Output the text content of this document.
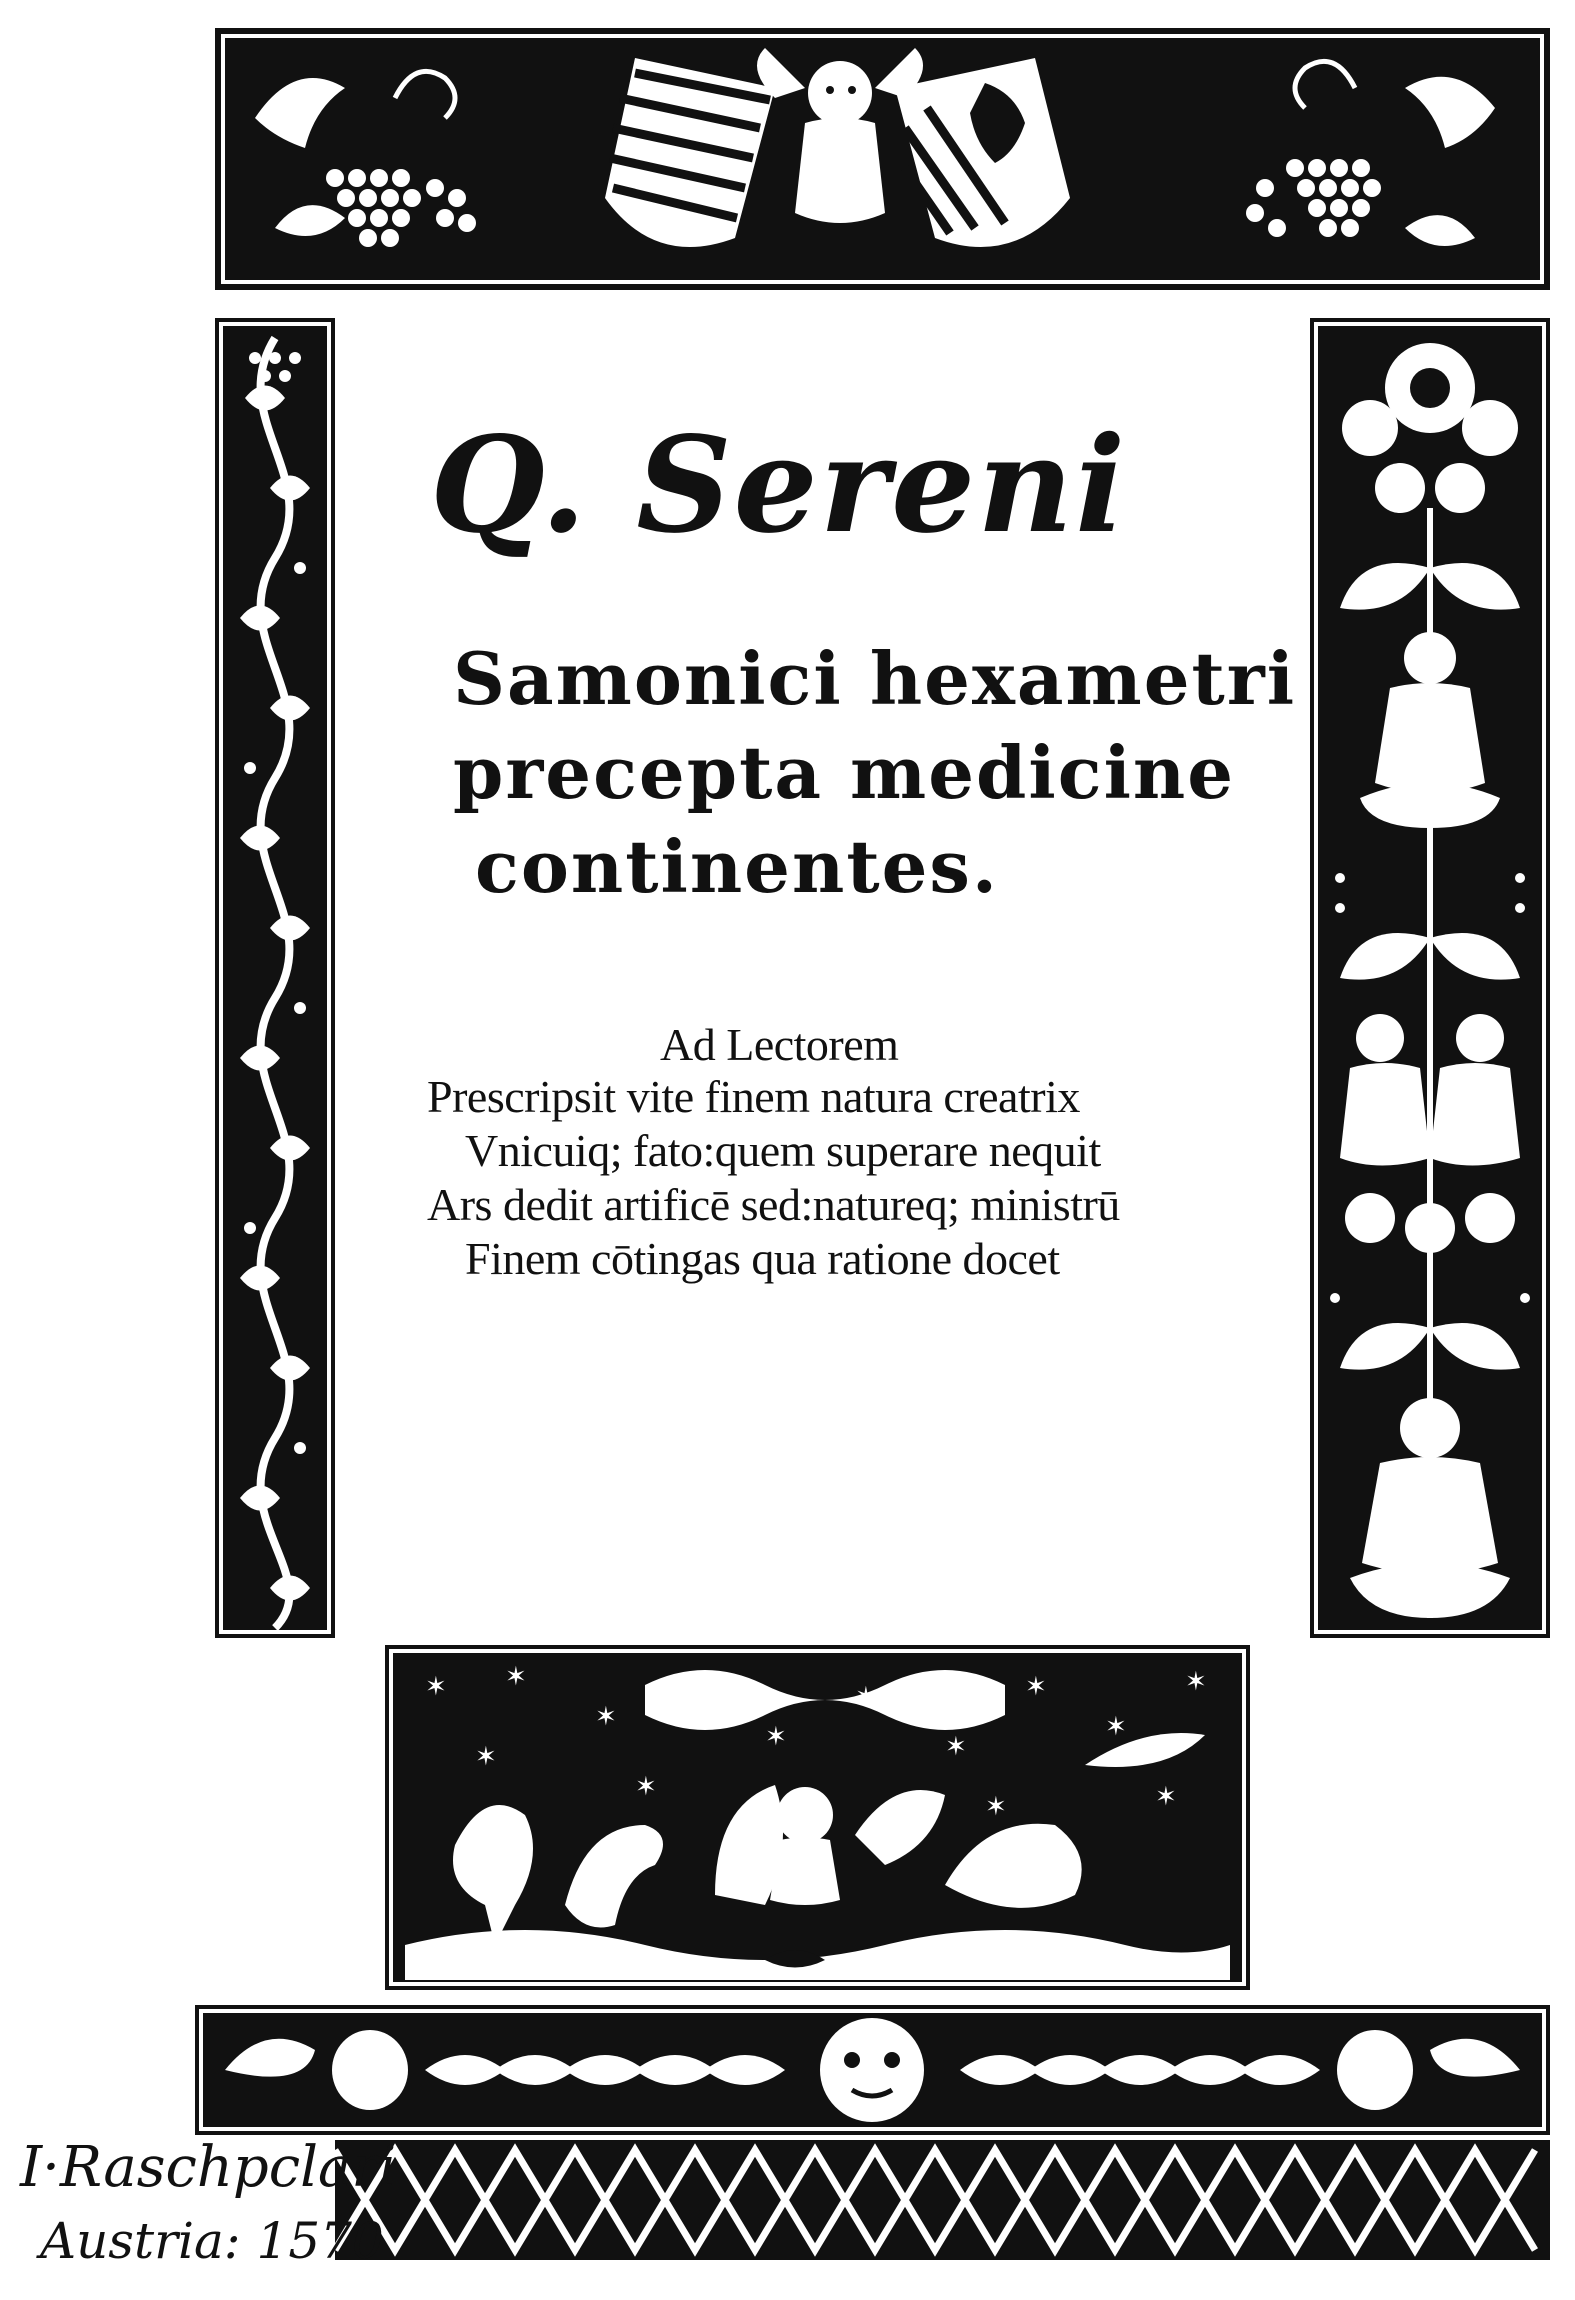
Q. Sereni
Samonici hexametri
precepta medicine
continentes.
Ad Lectorem
Prescripsit vite finem natura creatrix
Vnicuiq; fato:quem superare nequit
Ars dedit artificē sed:natureq; ministrū
Finem cōtingas qua ratione docet
✶ ✶
✶
✶	✶
✶
✶
✶
✶
✶
✶	✶
I·Raschpclari
Austria: 1570
